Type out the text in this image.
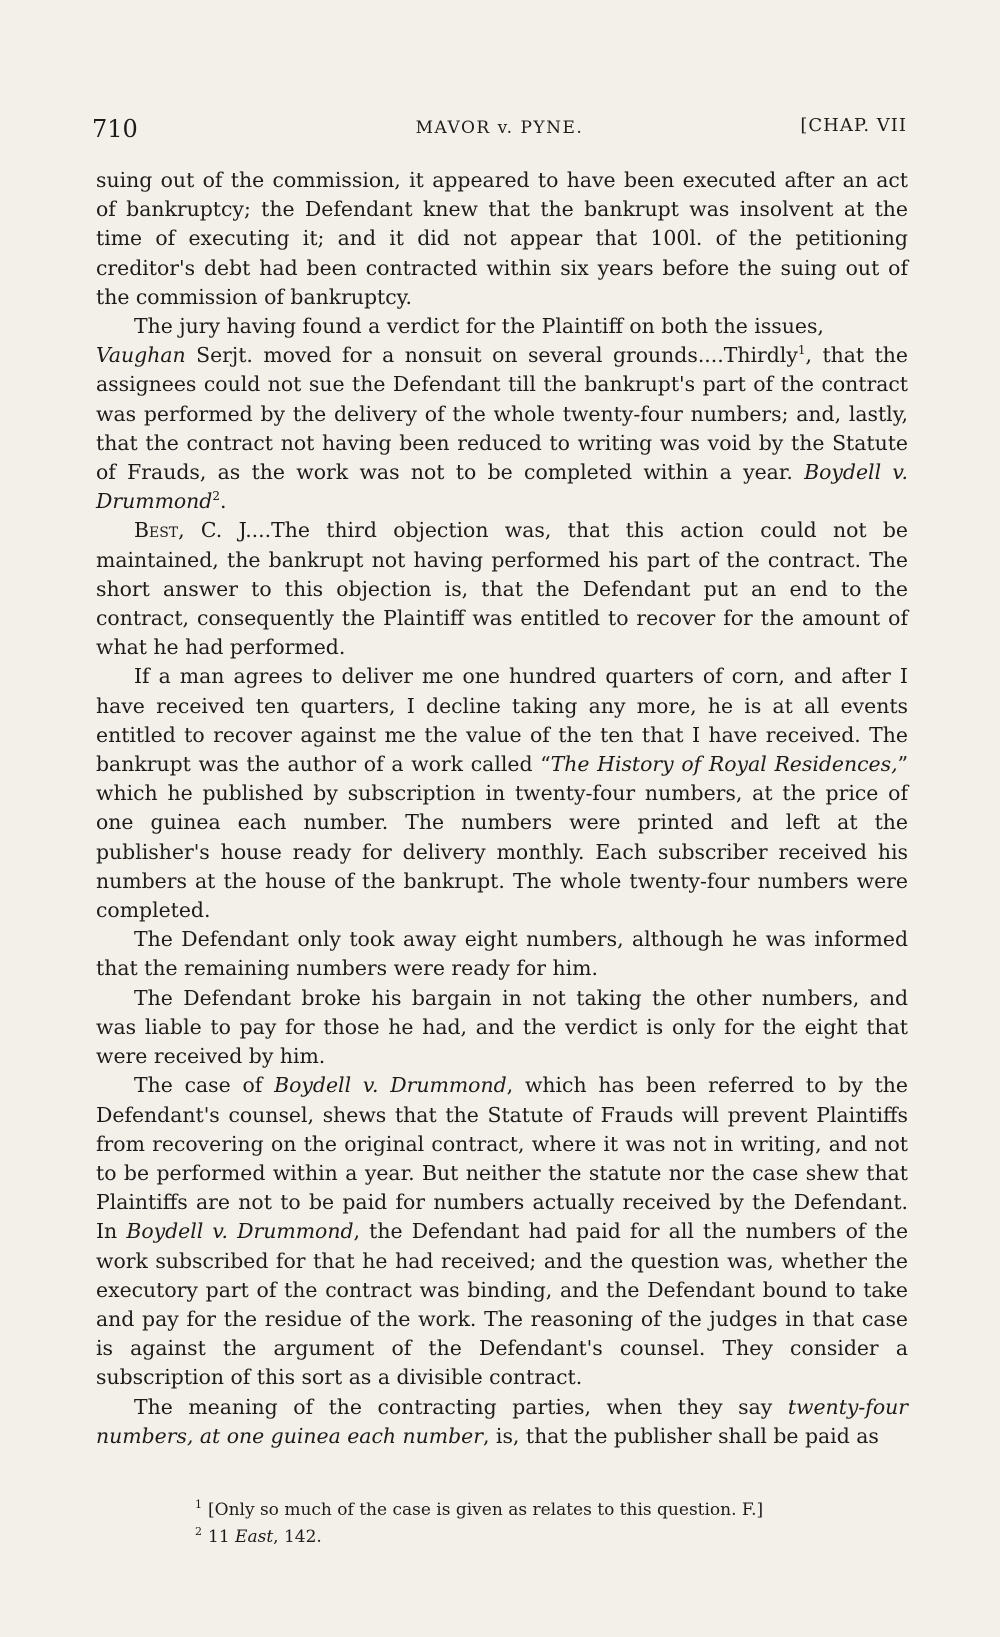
710	MAVOR v. PYNE.	[CHAP. VII

suing out of the commission, it appeared to have been executed after an act of bankruptcy; the Defendant knew that the bankrupt was insolvent at the time of executing it; and it did not appear that 100l. of the petitioning creditor's debt had been contracted within six years before the suing out of the commission of bankruptcy.

The jury having found a verdict for the Plaintiff on both the issues,

Vaughan Serjt. moved for a nonsuit on several grounds....Thirdly$^1$, that the assignees could not sue the Defendant till the bankrupt's part of the contract was performed by the delivery of the whole twenty-four numbers; and, lastly, that the contract not having been reduced to writing was void by the Statute of Frauds, as the work was not to be completed within a year. Boydell v. Drummond$^2$.

Best, C. J....The third objection was, that this action could not be maintained, the bankrupt not having performed his part of the contract. The short answer to this objection is, that the Defendant put an end to the contract, consequently the Plaintiff was entitled to recover for the amount of what he had performed.

If a man agrees to deliver me one hundred quarters of corn, and after I have received ten quarters, I decline taking any more, he is at all events entitled to recover against me the value of the ten that I have received. The bankrupt was the author of a work called “The History of Royal Residences,” which he published by subscription in twenty-four numbers, at the price of one guinea each number. The numbers were printed and left at the publisher's house ready for delivery monthly. Each subscriber received his numbers at the house of the bankrupt. The whole twenty-four numbers were completed.

The Defendant only took away eight numbers, although he was informed that the remaining numbers were ready for him.

The Defendant broke his bargain in not taking the other numbers, and was liable to pay for those he had, and the verdict is only for the eight that were received by him.

The case of Boydell v. Drummond, which has been referred to by the Defendant's counsel, shews that the Statute of Frauds will prevent Plaintiffs from recovering on the original contract, where it was not in writing, and not to be performed within a year. But neither the statute nor the case shew that Plaintiffs are not to be paid for numbers actually received by the Defendant. In Boydell v. Drummond, the Defendant had paid for all the numbers of the work subscribed for that he had received; and the question was, whether the executory part of the contract was binding, and the Defendant bound to take and pay for the residue of the work. The reasoning of the judges in that case is against the argument of the Defendant's counsel. They consider a subscription of this sort as a divisible contract.

The meaning of the contracting parties, when they say twenty-four numbers, at one guinea each number, is, that the publisher shall be paid as

$^1$ [Only so much of the case is given as relates to this question. F.]
$^2$ 11 East, 142.
